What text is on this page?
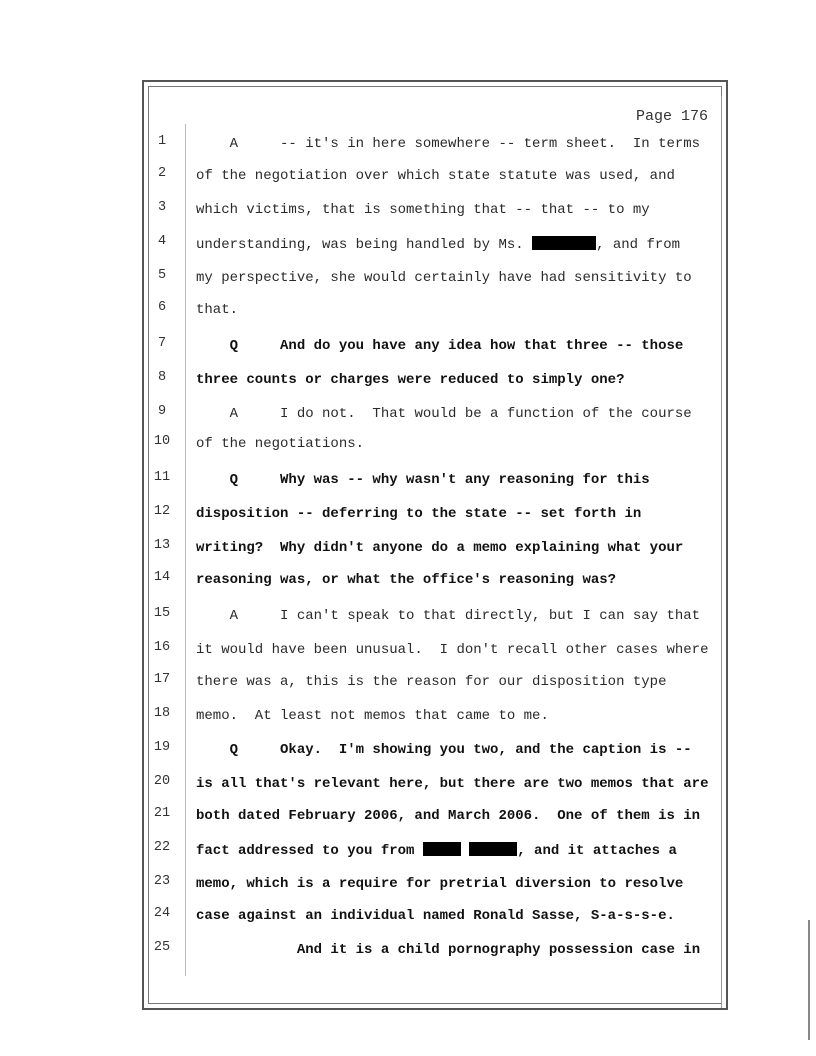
Page 176
1	A     -- it's in here somewhere -- term sheet.  In terms
2	of the negotiation over which state statute was used, and
3	which victims, that is something that -- that -- to my
4	understanding, was being handled by Ms.	, and from
5	my perspective, she would certainly have had sensitivity to
6	that.
7	Q     And do you have any idea how that three -- those
8	three counts or charges were reduced to simply one?
9	A     I do not.  That would be a function of the course
10 of the negotiations.
11	Q     Why was -- why wasn't any reasoning for this
12 disposition -- deferring to the state -- set forth in
13 writing?  Why didn't anyone do a memo explaining what your
14 reasoning was, or what the office's reasoning was?
15	A     I can't speak to that directly, but I can say that
16 it would have been unusual.  I don't recall other cases where
17 there was a, this is the reason for our disposition type
18 memo.  At least not memos that came to me.
19	Q     Okay.  I'm showing you two, and the caption is --
20 is all that's relevant here, but there are two memos that are
21 both dated February 2006, and March 2006.  One of them is in
22 fact addressed to you from	, and it attaches a
23 memo, which is a require for pretrial diversion to resolve
24 case against an individual named Ronald Sasse, S-a-s-s-e.
25	And it is a child pornography possession case in
